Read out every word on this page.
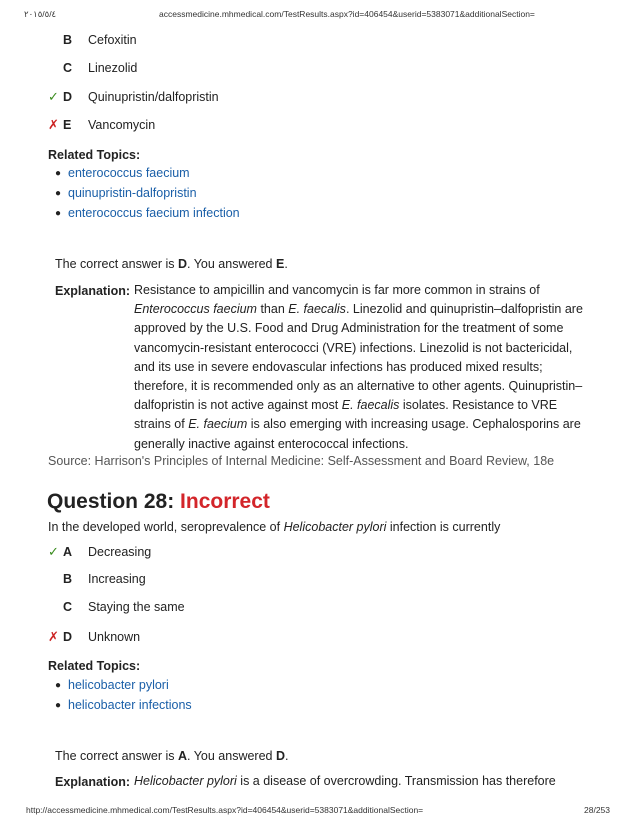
٢٠١٥/٥/٤	accessmedicine.mhmedical.com/TestResults.aspx?id=406454&userid=5383071&additionalSection=
B Cefoxitin
C Linezolid
✓ D Quinupristin/dalfopristin
✗ E Vancomycin
Related Topics:
● enterococcus faecium
● quinupristin-dalfopristin
● enterococcus faecium infection
The correct answer is D. You answered E.
Explanation: Resistance to ampicillin and vancomycin is far more common in strains of Enterococcus faecium than E. faecalis. Linezolid and quinupristin–dalfopristin are approved by the U.S. Food and Drug Administration for the treatment of some vancomycin-resistant enterococci (VRE) infections. Linezolid is not bactericidal, and its use in severe endovascular infections has produced mixed results; therefore, it is recommended only as an alternative to other agents. Quinupristin–dalfopristin is not active against most E. faecalis isolates. Resistance to VRE strains of E. faecium is also emerging with increasing usage. Cephalosporins are generally inactive against enterococcal infections.
Source: Harrison's Principles of Internal Medicine: Self-Assessment and Board Review, 18e
Question 28: Incorrect
In the developed world, seroprevalence of Helicobacter pylori infection is currently
✓ A Decreasing
B Increasing
C Staying the same
✗ D Unknown
Related Topics:
● helicobacter pylori
● helicobacter infections
The correct answer is A. You answered D.
Explanation: Helicobacter pylori is a disease of overcrowding. Transmission has therefore
http://accessmedicine.mhmedical.com/TestResults.aspx?id=406454&userid=5383071&additionalSection=	28/253
